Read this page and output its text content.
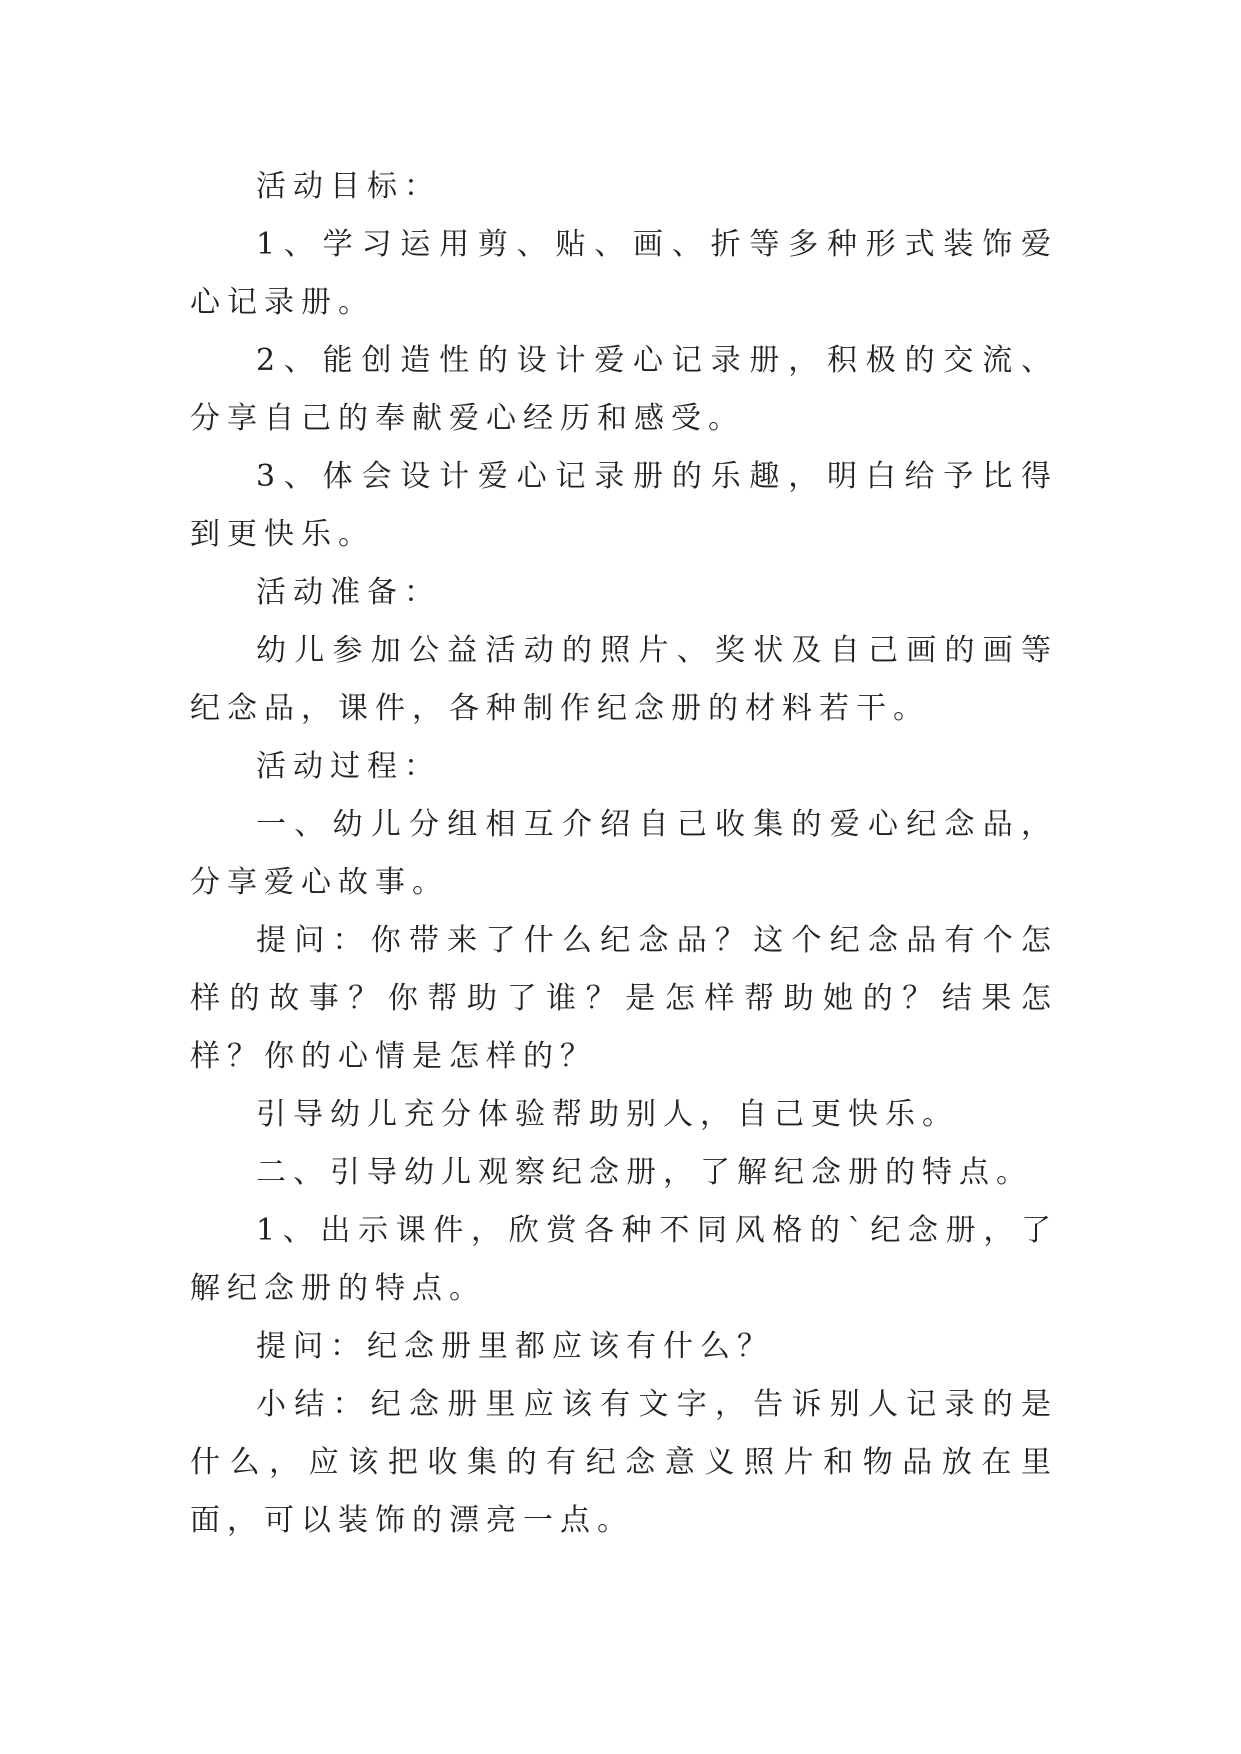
活动目标：

1、学习运用剪、贴、画、折等多种形式装饰爱心记录册。

2、能创造性的设计爱心记录册，积极的交流、分享自己的奉献爱心经历和感受。

3、体会设计爱心记录册的乐趣，明白给予比得到更快乐。

活动准备：

幼儿参加公益活动的照片、奖状及自己画的画等纪念品，课件，各种制作纪念册的材料若干。

活动过程：

一、幼儿分组相互介绍自己收集的爱心纪念品，分享爱心故事。

提问：你带来了什么纪念品？这个纪念品有个怎样的故事？你帮助了谁？是怎样帮助她的？结果怎样？你的心情是怎样的？

引导幼儿充分体验帮助别人，自己更快乐。

二、引导幼儿观察纪念册，了解纪念册的特点。

1、出示课件，欣赏各种不同风格的`纪念册，了解纪念册的特点。

提问：纪念册里都应该有什么？

小结：纪念册里应该有文字，告诉别人记录的是什么，应该把收集的有纪念意义照片和物品放在里面，可以装饰的漂亮一点。
